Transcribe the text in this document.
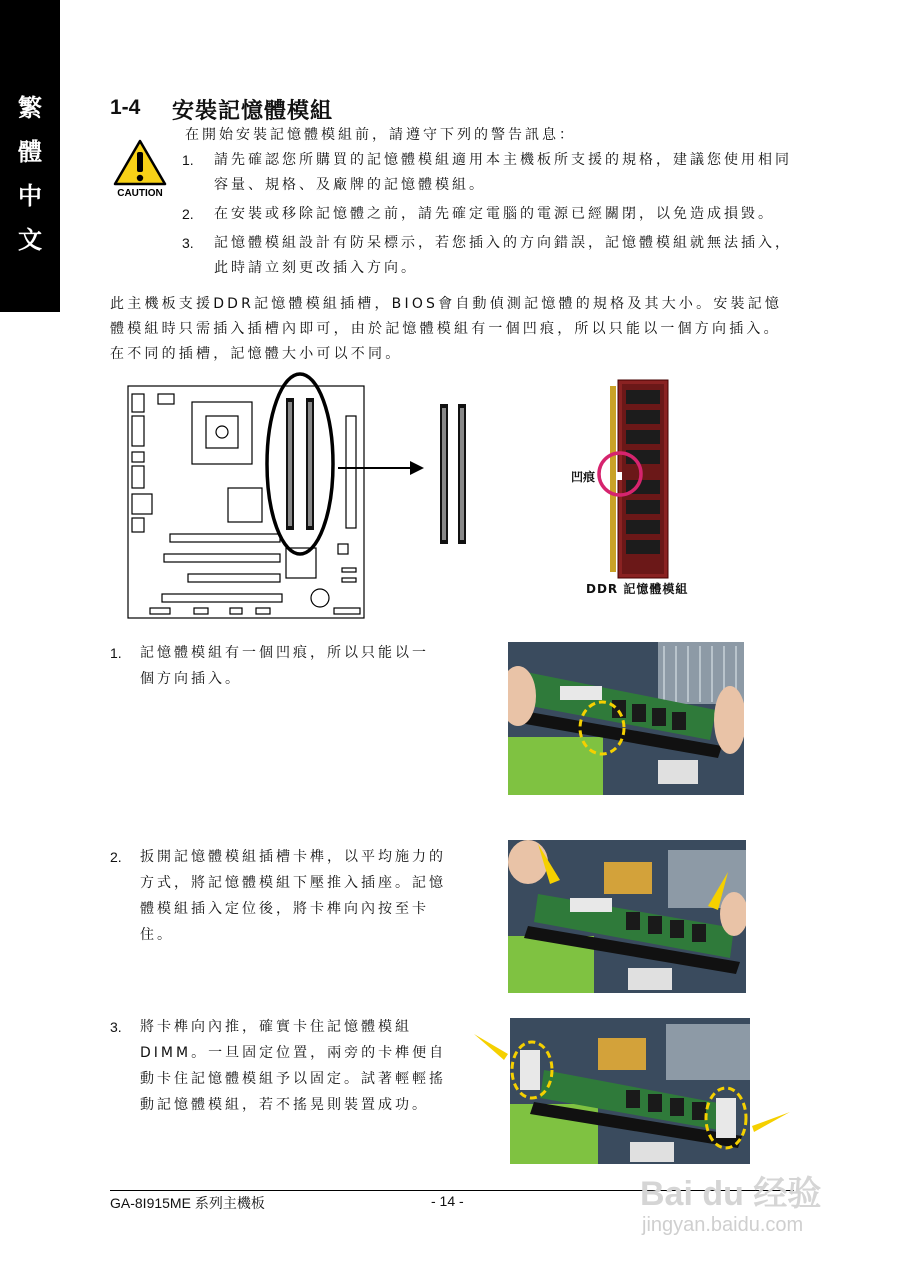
繁
體
中
文
1-4 安裝記憶體模組
在開始安裝記憶體模組前，請遵守下列的警告訊息：
CAUTION
1. 請先確認您所購買的記憶體模組適用本主機板所支援的規格，建議您使用相同容量、規格、及廠牌的記憶體模組。
2. 在安裝或移除記憶體之前，請先確定電腦的電源已經關閉，以免造成損毀。
3. 記憶體模組設計有防呆標示，若您插入的方向錯誤，記憶體模組就無法插入，此時請立刻更改插入方向。
此主機板支援DDR記憶體模組插槽，BIOS會自動偵測記憶體的規格及其大小。安裝記憶體模組時只需插入插槽內即可，由於記憶體模組有一個凹痕，所以只能以一個方向插入。在不同的插槽，記憶體大小可以不同。
凹痕
DDR 記憶體模組
1.	記憶體模組有一個凹痕，所以只能以一個方向插入。
2.	扳開記憶體模組插槽卡榫，以平均施力的方式，將記憶體模組下壓推入插座。記憶體模組插入定位後，將卡榫向內按至卡住。
3.	將卡榫向內推，確實卡住記憶體模組DIMM。一旦固定位置，兩旁的卡榫便自動卡住記憶體模組予以固定。試著輕輕搖動記憶體模組，若不搖晃則裝置成功。
GA-8I915ME 系列主機板	- 14 -	Bai du 经验
jingyan.baidu.com
